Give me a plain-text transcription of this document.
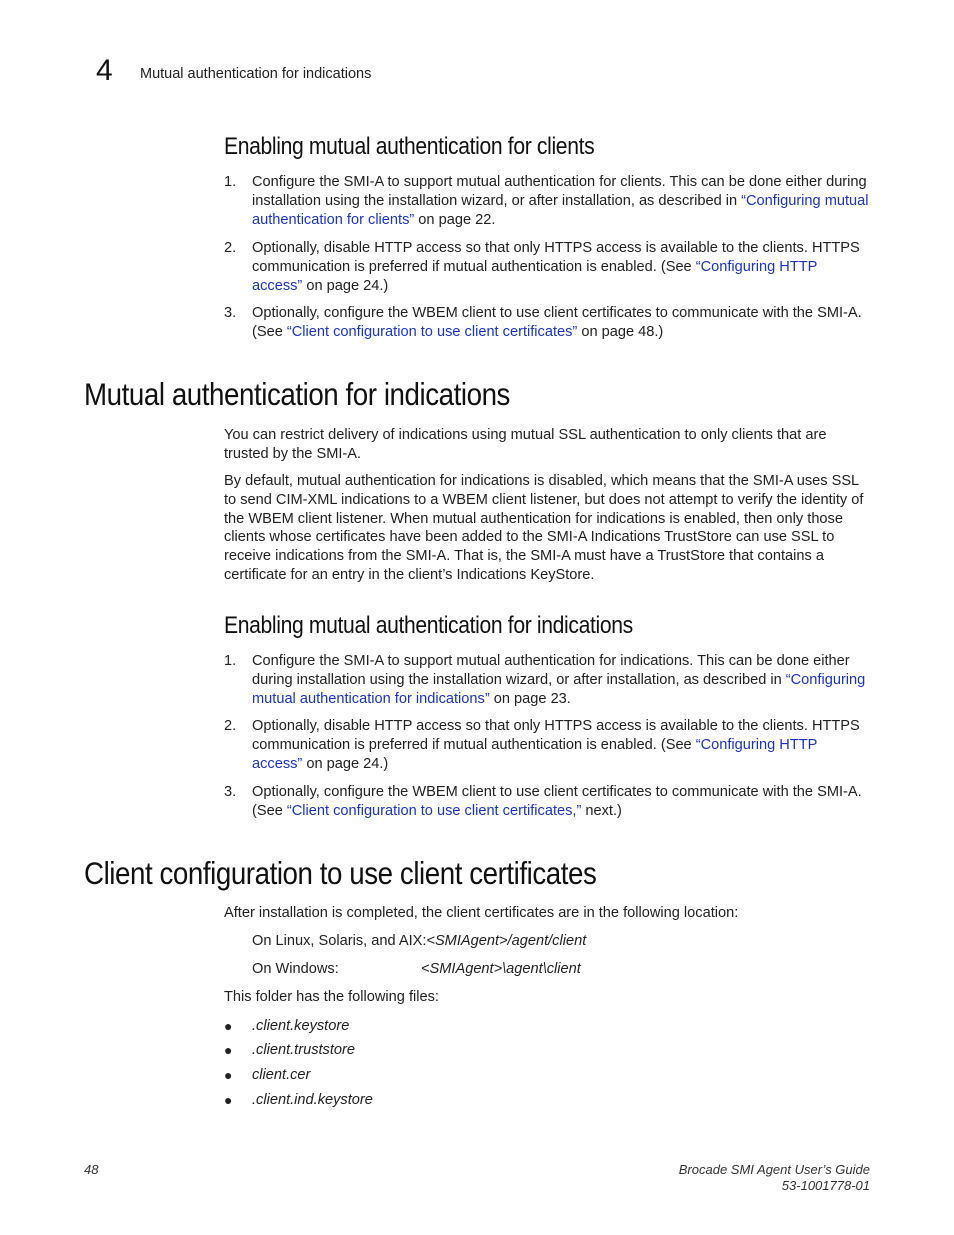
4 Mutual authentication for indications
Enabling mutual authentication for clients
1.	Configure the SMI-A to support mutual authentication for clients. This can be done either during installation using the installation wizard, or after installation, as described in “Configuring mutual authentication for clients” on page 22.
2.	Optionally, disable HTTP access so that only HTTPS access is available to the clients. HTTPS communication is preferred if mutual authentication is enabled. (See “Configuring HTTP access” on page 24.)
3.	Optionally, configure the WBEM client to use client certificates to communicate with the SMI-A. (See “Client configuration to use client certificates” on page 48.)
Mutual authentication for indications
You can restrict delivery of indications using mutual SSL authentication to only clients that are trusted by the SMI-A.
By default, mutual authentication for indications is disabled, which means that the SMI-A uses SSL to send CIM-XML indications to a WBEM client listener, but does not attempt to verify the identity of the WBEM client listener. When mutual authentication for indications is enabled, then only those clients whose certificates have been added to the SMI-A Indications TrustStore can use SSL to receive indications from the SMI-A. That is, the SMI-A must have a TrustStore that contains a certificate for an entry in the client’s Indications KeyStore.
Enabling mutual authentication for indications
1.	Configure the SMI-A to support mutual authentication for indications. This can be done either during installation using the installation wizard, or after installation, as described in “Configuring mutual authentication for indications” on page 23.
2.	Optionally, disable HTTP access so that only HTTPS access is available to the clients. HTTPS communication is preferred if mutual authentication is enabled. (See “Configuring HTTP access” on page 24.)
3.	Optionally, configure the WBEM client to use client certificates to communicate with the SMI-A. (See “Client configuration to use client certificates,” next.)
Client configuration to use client certificates
After installation is completed, the client certificates are in the following location:
On Linux, Solaris, and AIX:<SMIAgent>/agent/client
On Windows:	<SMIAgent>\agent\client
This folder has the following files:
●	.client.keystore
●	.client.truststore
●	client.cer
●	.client.ind.keystore
48	Brocade SMI Agent User’s Guide
53-1001778-01
